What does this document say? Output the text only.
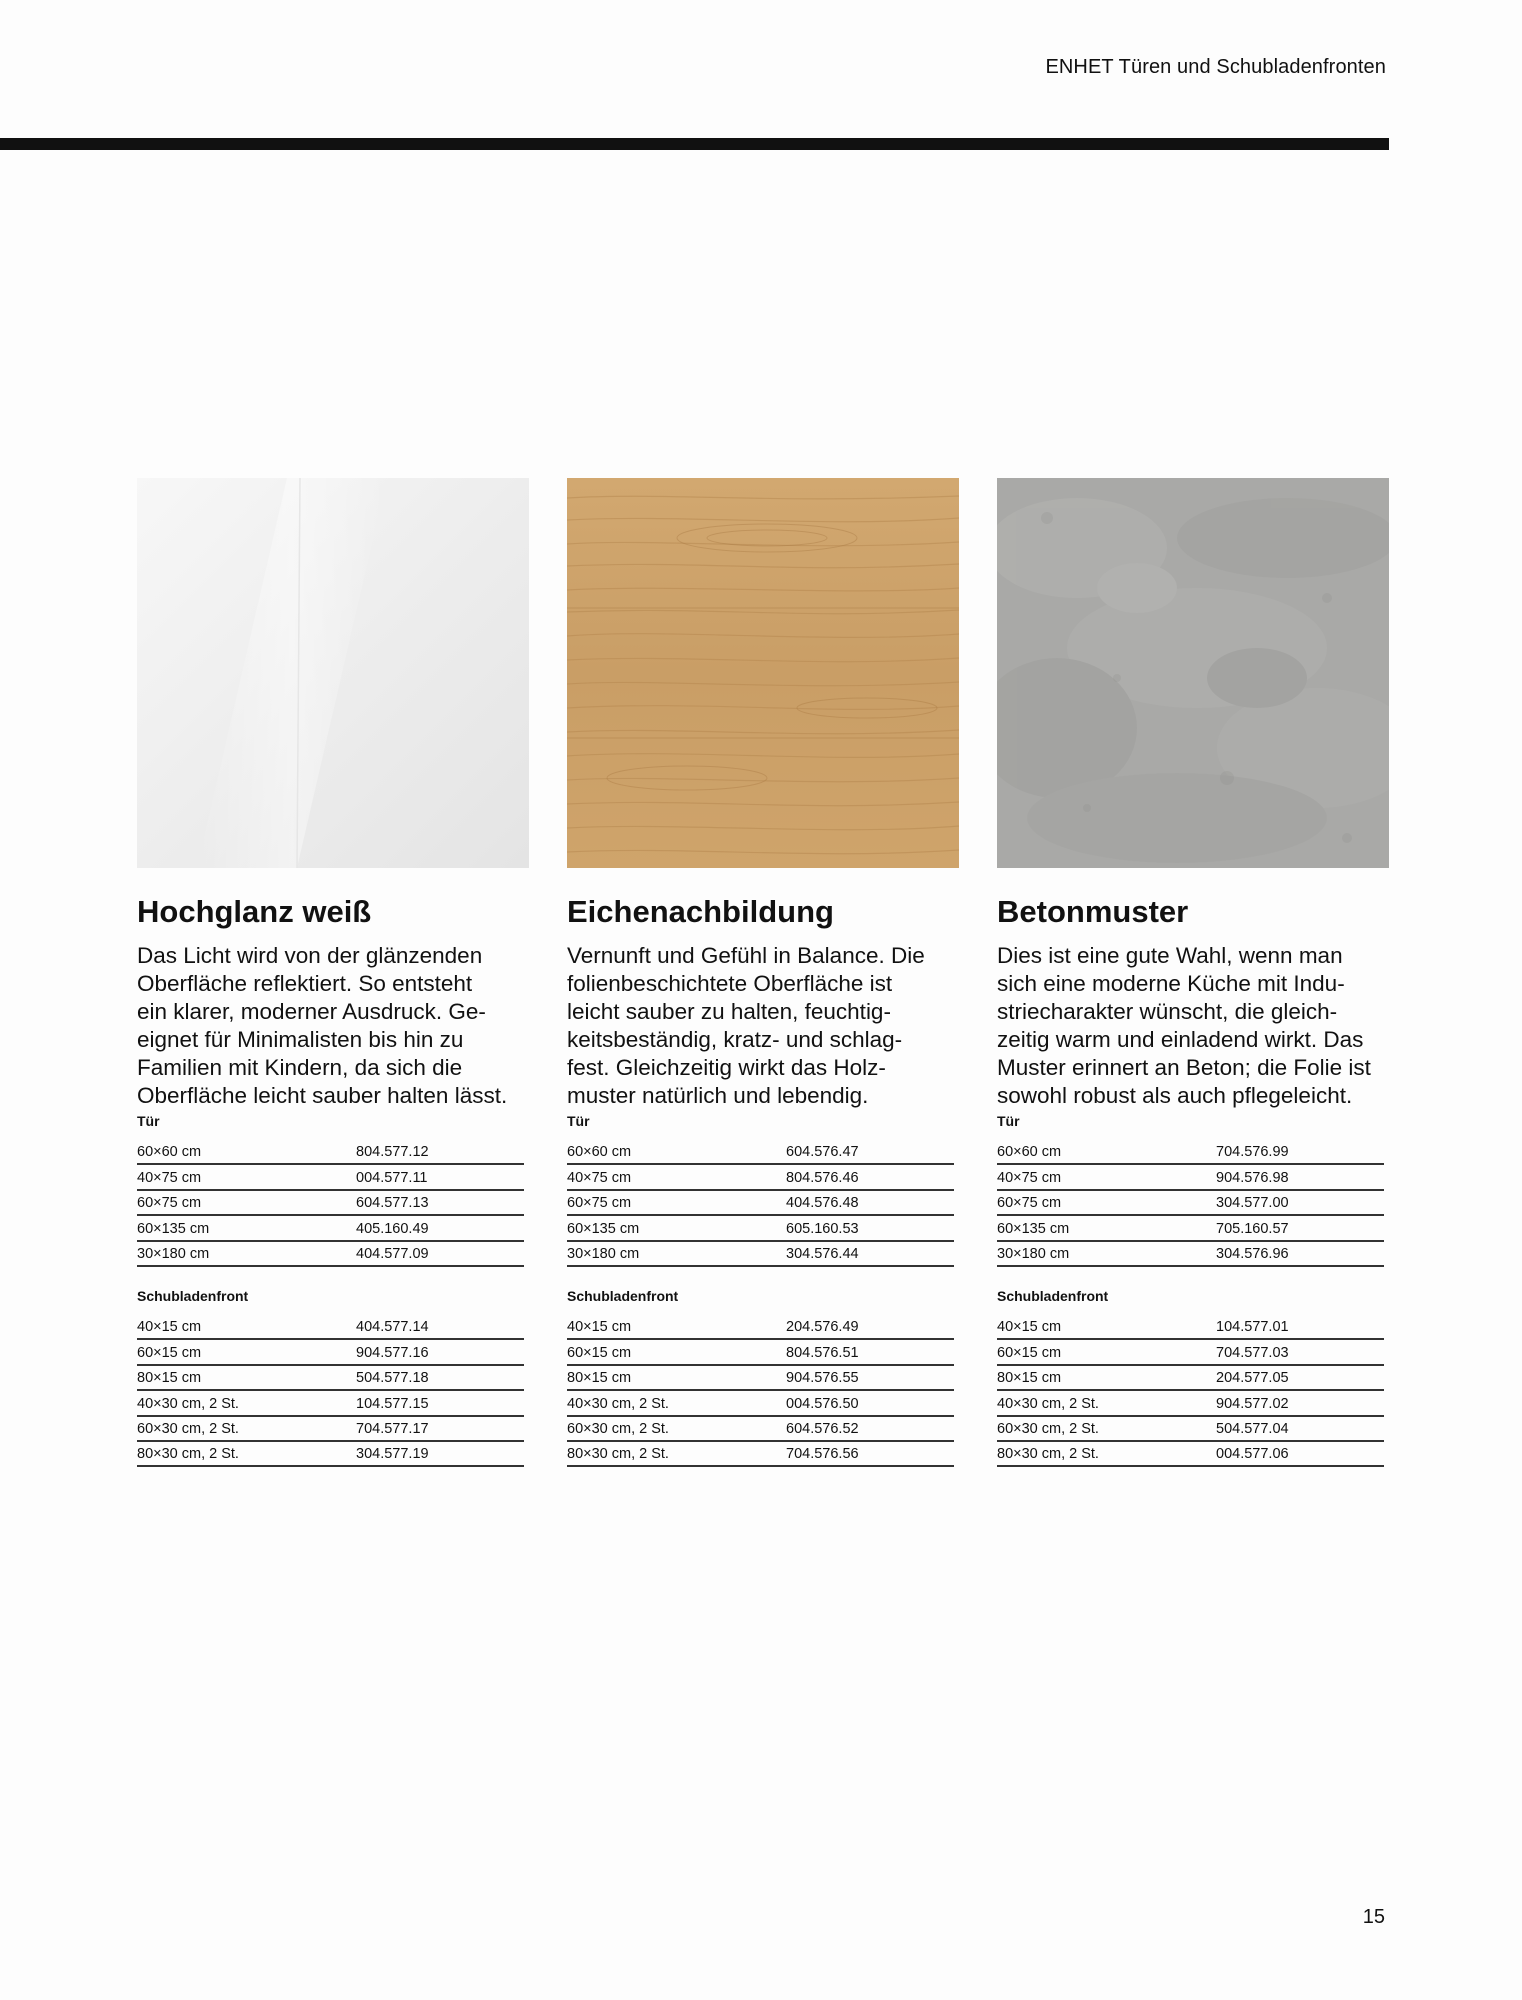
ENHET Türen und Schubladenfronten
Hochglanz weiß
Das Licht wird von der glänzenden
Oberfläche reflektiert. So entsteht
ein klarer, moderner Ausdruck. Ge-
eignet für Minimalisten bis hin zu
Familien mit Kindern, da sich die
Oberfläche leicht sauber halten lässt.
Tür
60×60 cm	804.577.12
40×75 cm	004.577.11
60×75 cm	604.577.13
60×135 cm	405.160.49
30×180 cm	404.577.09
Schubladenfront
40×15 cm	404.577.14
60×15 cm	904.577.16
80×15 cm	504.577.18
40×30 cm, 2 St.	104.577.15
60×30 cm, 2 St.	704.577.17
80×30 cm, 2 St.	304.577.19
Eichenachbildung
Vernunft und Gefühl in Balance. Die
folienbeschichtete Oberfläche ist
leicht sauber zu halten, feuchtig-
keitsbeständig, kratz- und schlag-
fest. Gleichzeitig wirkt das Holz-
muster natürlich und lebendig.
Tür
60×60 cm	604.576.47
40×75 cm	804.576.46
60×75 cm	404.576.48
60×135 cm	605.160.53
30×180 cm	304.576.44
Schubladenfront
40×15 cm	204.576.49
60×15 cm	804.576.51
80×15 cm	904.576.55
40×30 cm, 2 St.	004.576.50
60×30 cm, 2 St.	604.576.52
80×30 cm, 2 St.	704.576.56
Betonmuster
Dies ist eine gute Wahl, wenn man
sich eine moderne Küche mit Indu-
striecharakter wünscht, die gleich-
zeitig warm und einladend wirkt. Das
Muster erinnert an Beton; die Folie ist
sowohl robust als auch pflegeleicht.
Tür
60×60 cm	704.576.99
40×75 cm	904.576.98
60×75 cm	304.577.00
60×135 cm	705.160.57
30×180 cm	304.576.96
Schubladenfront
40×15 cm	104.577.01
60×15 cm	704.577.03
80×15 cm	204.577.05
40×30 cm, 2 St.	904.577.02
60×30 cm, 2 St.	504.577.04
80×30 cm, 2 St.	004.577.06
15
